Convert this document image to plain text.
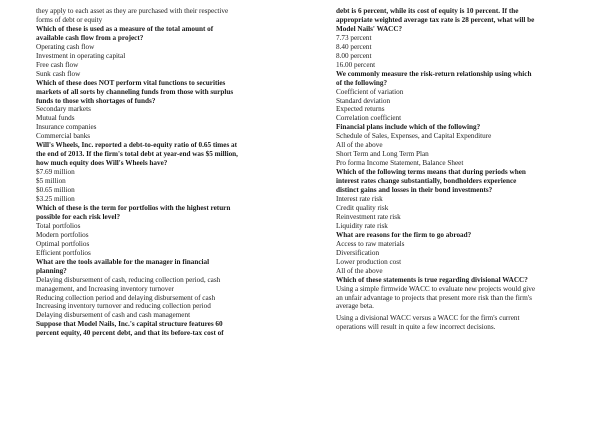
they apply to each asset as they are purchased with their respective
forms of debt or equity
Which of these is used as a measure of the total amount of
available cash flow from a project?
Operating cash flow
Investment in operating capital
Free cash flow
Sunk cash flow
Which of these does NOT perform vital functions to securities
markets of all sorts by channeling funds from those with surplus
funds to those with shortages of funds?
Secondary markets
Mutual funds
Insurance companies
Commercial banks
Will's Wheels, Inc. reported a debt-to-equity ratio of 0.65 times at
the end of 2013. If the firm's total debt at year-end was $5 million,
how much equity does Will's Wheels have?
$7.69 million
$5 million
$0.65 million
$3.25 million
Which of these is the term for portfolios with the highest return
possible for each risk level?
Total portfolios
Modern portfolios
Optimal portfolios
Efficient portfolios
What are the tools available for the manager in financial
planning?
Delaying disbursement of cash, reducing collection period, cash
management, and Increasing inventory turnover
Reducing collection period and delaying disbursement of cash
Increasing inventory turnover and reducing collection period
Delaying disbursement of cash and cash management
Suppose that Model Nails, Inc.'s capital structure features 60
percent equity, 40 percent debt, and that its before-tax cost of
debt is 6 percent, while its cost of equity is 10 percent. If the
appropriate weighted average tax rate is 28 percent, what will be
Model Nails' WACC?
7.73 percent
8.40 percent
8.00 percent
16.00 percent
We commonly measure the risk-return relationship using which
of the following?
Coefficient of variation
Standard deviation
Expected returns
Correlation coefficient
Financial plans include which of the following?
Schedule of Sales, Expenses, and Capital Expenditure
All of the above
Short Term and Long Term Plan
Pro forma Income Statement, Balance Sheet
Which of the following terms means that during periods when
interest rates change substantially, bondholders experience
distinct gains and losses in their bond investments?
Interest rate risk
Credit quality risk
Reinvestment rate risk
Liquidity rate risk
What are reasons for the firm to go abroad?
Access to raw materials
Diversification
Lower production cost
All of the above
Which of these statements is true regarding divisional WACC?
Using a simple firmwide WACC to evaluate new projects would give
an unfair advantage to projects that present more risk than the firm's
average beta.
Using a divisional WACC versus a WACC for the firm's current
operations will result in quite a few incorrect decisions.
